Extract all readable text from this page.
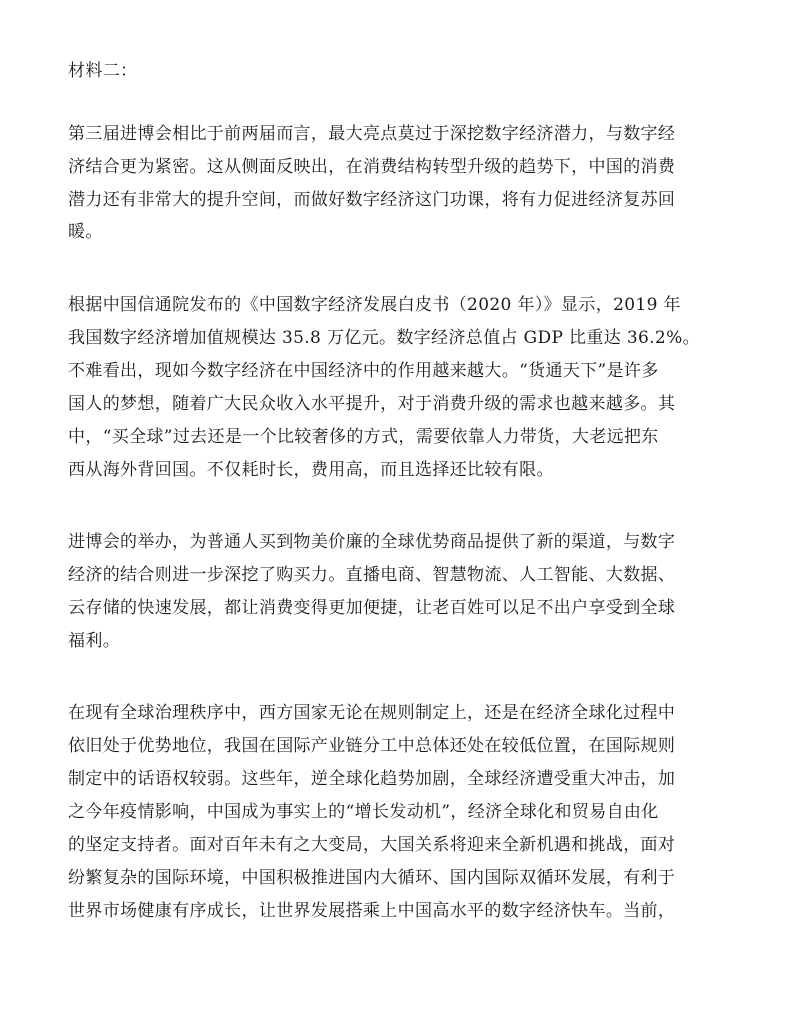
材料二：
第三届进博会相比于前两届而言，最大亮点莫过于深挖数字经济潜力，与数字经
济结合更为紧密。这从侧面反映出，在消费结构转型升级的趋势下，中国的消费
潜力还有非常大的提升空间，而做好数字经济这门功课，将有力促进经济复苏回
暖。
根据中国信通院发布的《中国数字经济发展白皮书（2020 年）》显示，2019 年
我国数字经济增加值规模达 35.8 万亿元。数字经济总值占 GDP 比重达 36.2%。
不难看出，现如今数字经济在中国经济中的作用越来越大。“货通天下”是许多
国人的梦想，随着广大民众收入水平提升，对于消费升级的需求也越来越多。其
中，“买全球”过去还是一个比较奢侈的方式，需要依靠人力带货，大老远把东
西从海外背回国。不仅耗时长，费用高，而且选择还比较有限。
进博会的举办，为普通人买到物美价廉的全球优势商品提供了新的渠道，与数字
经济的结合则进一步深挖了购买力。直播电商、智慧物流、人工智能、大数据、
云存储的快速发展，都让消费变得更加便捷，让老百姓可以足不出户享受到全球
福利。
在现有全球治理秩序中，西方国家无论在规则制定上，还是在经济全球化过程中
依旧处于优势地位，我国在国际产业链分工中总体还处在较低位置，在国际规则
制定中的话语权较弱。这些年，逆全球化趋势加剧，全球经济遭受重大冲击，加
之今年疫情影响，中国成为事实上的“增长发动机”，经济全球化和贸易自由化
的坚定支持者。面对百年未有之大变局，大国关系将迎来全新机遇和挑战，面对
纷繁复杂的国际环境，中国积极推进国内大循环、国内国际双循环发展，有利于
世界市场健康有序成长，让世界发展搭乘上中国高水平的数字经济快车。当前，
